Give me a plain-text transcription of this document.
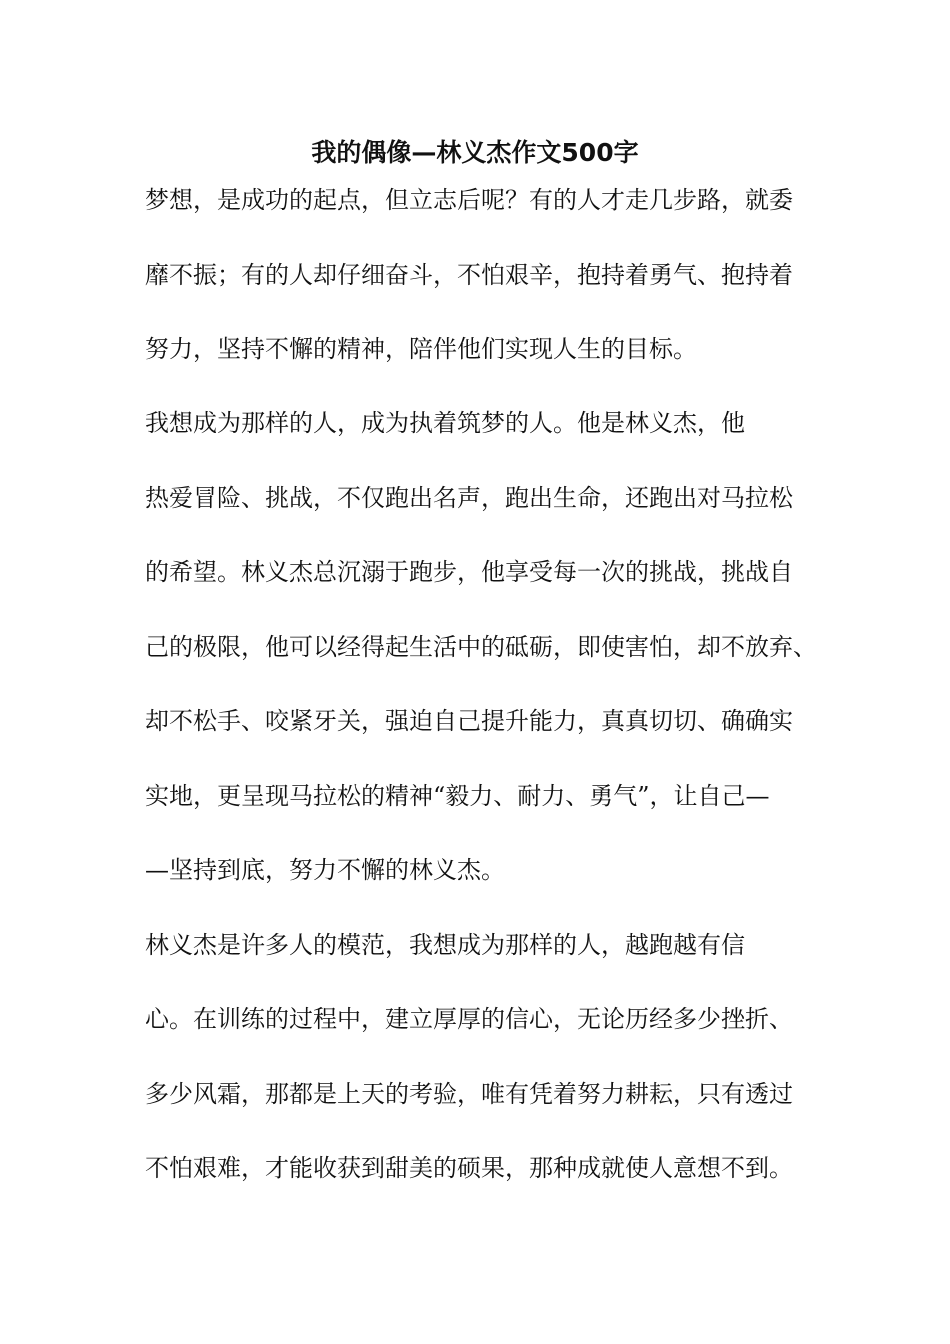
我的偶像—林义杰作文500字

梦想，是成功的起点，但立志后呢？有的人才走几步路，就委

靡不振；有的人却仔细奋斗，不怕艰辛，抱持着勇气、抱持着

努力，坚持不懈的精神，陪伴他们实现人生的目标。

我想成为那样的人，成为执着筑梦的人。他是林义杰，他

热爱冒险、挑战，不仅跑出名声，跑出生命，还跑出对马拉松

的希望。林义杰总沉溺于跑步，他享受每一次的挑战，挑战自

己的极限，他可以经得起生活中的砥砺，即使害怕，却不放弃、

却不松手、咬紧牙关，强迫自己提升能力，真真切切、确确实

实地，更呈现马拉松的精神“毅力、耐力、勇气”，让自己—

—坚持到底，努力不懈的林义杰。

林义杰是许多人的模范，我想成为那样的人，越跑越有信

心。在训练的过程中，建立厚厚的信心，无论历经多少挫折、

多少风霜，那都是上天的考验，唯有凭着努力耕耘，只有透过

不怕艰难，才能收获到甜美的硕果，那种成就使人意想不到。
